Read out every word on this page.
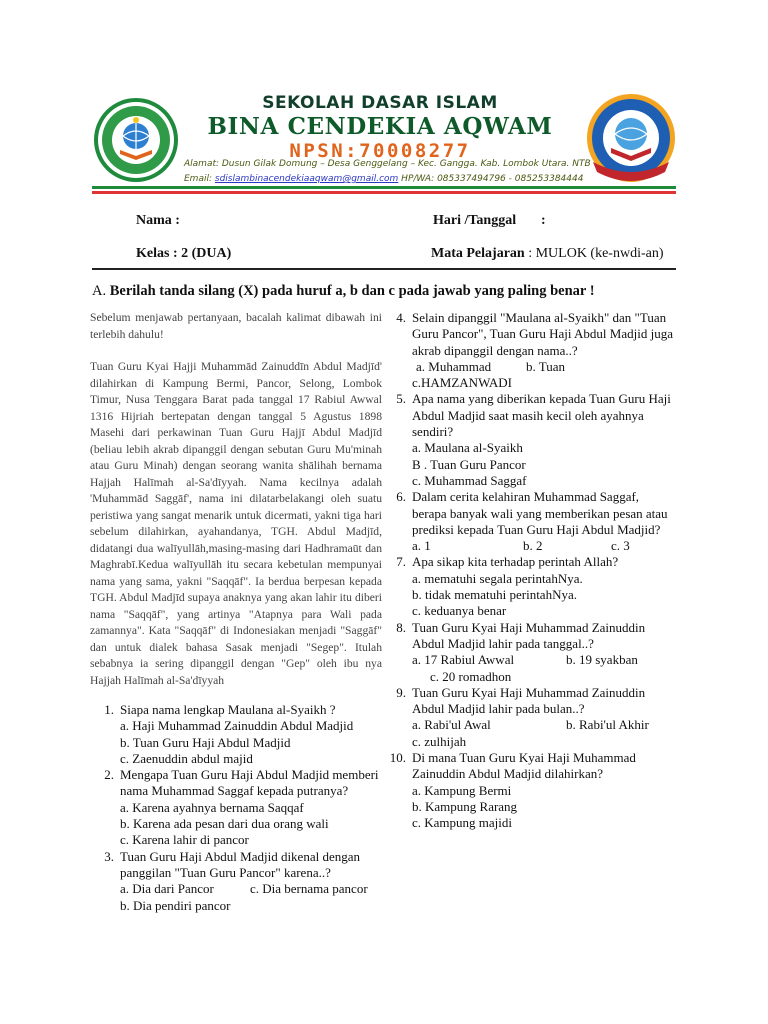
SEKOLAH DASAR ISLAM
BINA CENDEKIA AQWAM
NPSN:70008277
Alamat: Dusun Gilak Domung – Desa Genggelang – Kec. Gangga. Kab. Lombok Utara. NTB
Email: sdislambinacendekiaaqwam@gmail.com HP/WA: 085337494796 - 085253384444
Nama :	Hari /Tanggal :
Kelas : 2 (DUA)	Mata Pelajaran : MULOK (ke-nwdi-an)
A. Berilah tanda silang (X) pada huruf a, b dan c pada jawab yang paling benar !

Sebelum menjawab pertanyaan, bacalah kalimat dibawah ini terlebih dahulu!

Tuan Guru Kyai Hajji Muhammād Zainuddīn Abdul Madjīd' dilahirkan di Kampung Bermi, Pancor, Selong, Lombok Timur, Nusa Tenggara Barat pada tanggal 17 Rabiul Awwal 1316 Hijriah bertepatan dengan tanggal 5 Agustus 1898 Masehi dari perkawinan Tuan Guru Hajjī Abdul Madjīd (beliau lebih akrab dipanggil dengan sebutan Guru Mu'minah atau Guru Minah) dengan seorang wanita shālihah bernama Hajjah Halīmah al-Sa'dīyyah. Nama kecilnya adalah 'Muhammād Saggāf', nama ini dilatarbelakangi oleh suatu peristiwa yang sangat menarik untuk dicermati, yakni tiga hari sebelum dilahirkan, ayahandanya, TGH. Abdul Madjīd, didatangi dua walīyullāh,masing-masing dari Hadhramaūt dan Maghrabī.Kedua walīyullāh itu secara kebetulan mempunyai nama yang sama, yakni "Saqqāf". Ia berdua berpesan kepada TGH. Abdul Madjīd supaya anaknya yang akan lahir itu diberi nama "Saqqāf", yang artinya "Atapnya para Wali pada zamannya". Kata "Saqqāf" di Indonesiakan menjadi "Saggāf" dan untuk dialek bahasa Sasak menjadi "Segep". Itulah sebabnya ia sering dipanggil dengan "Gep" oleh ibu nya Hajjah Halīmah al-Sa'dīyyah

1. Siapa nama lengkap Maulana al-Syaikh ?
a. Haji Muhammad Zainuddin Abdul Madjid
b. Tuan Guru Haji Abdul Madjid
c. Zaenuddin abdul majid
2. Mengapa Tuan Guru Haji Abdul Madjid memberi nama Muhammad Saggaf kepada putranya?
a. Karena ayahnya bernama Saqqaf
b. Karena ada pesan dari dua orang wali
c. Karena lahir di pancor
3. Tuan Guru Haji Abdul Madjid dikenal dengan panggilan "Tuan Guru Pancor" karena..?
a. Dia dari Pancor	c. Dia bernama pancor
b. Dia pendiri pancor
4. Selain dipanggil "Maulana al-Syaikh" dan "Tuan Guru Pancor", Tuan Guru Haji Abdul Madjid juga akrab dipanggil dengan nama..?
a. Muhammad	b. Tuan
c.HAMZANWADI
5. Apa nama yang diberikan kepada Tuan Guru Haji Abdul Madjid saat masih kecil oleh ayahnya sendiri?
a. Maulana al-Syaikh
B . Tuan Guru Pancor
c. Muhammad Saggaf
6. Dalam cerita kelahiran Muhammad Saggaf, berapa banyak wali yang memberikan pesan atau prediksi kepada Tuan Guru Haji Abdul Madjid?
a. 1	b. 2	c. 3
7. Apa sikap kita terhadap perintah Allah?
a. mematuhi segala perintahNya.
b. tidak mematuhi perintahNya.
c. keduanya benar
8. Tuan Guru Kyai Haji Muhammad Zainuddin Abdul Madjid lahir pada tanggal..?
a. 17 Rabiul Awwal	b. 19 syakban
c. 20 romadhon
9. Tuan Guru Kyai Haji Muhammad Zainuddin Abdul Madjid lahir pada bulan..?
a. Rabi'ul Awal	b. Rabi'ul Akhir
c. zulhijah
10. Di mana Tuan Guru Kyai Haji Muhammad Zainuddin Abdul Madjid dilahirkan?
a. Kampung Bermi
b. Kampung Rarang
c. Kampung majidi
